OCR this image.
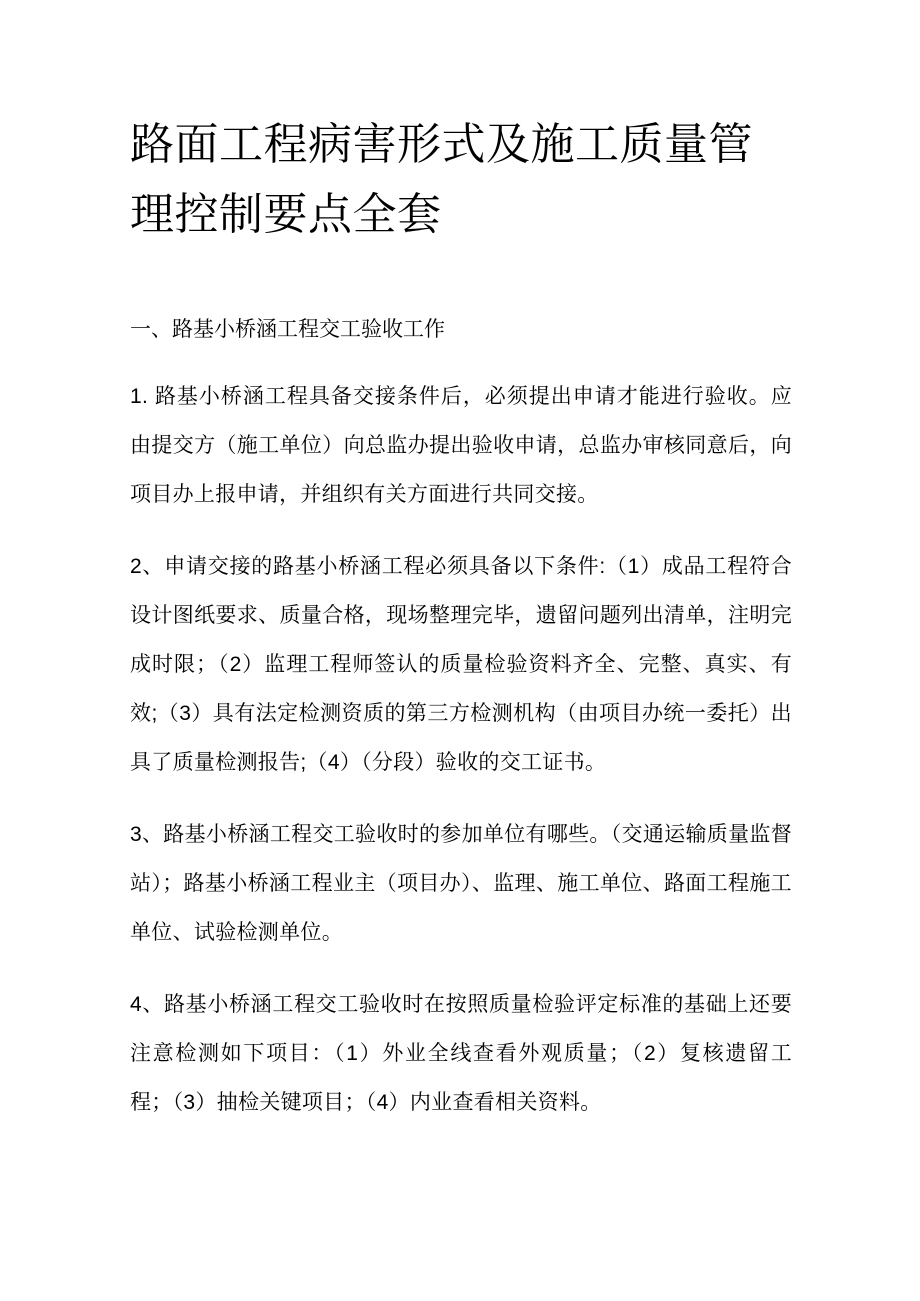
路面工程病害形式及施工质量管理控制要点全套
一、路基小桥涵工程交工验收工作

1. 路基小桥涵工程具备交接条件后，必须提出申请才能进行验收。应由提交方（施工单位）向总监办提出验收申请，总监办审核同意后，向项目办上报申请，并组织有关方面进行共同交接。

2、申请交接的路基小桥涵工程必须具备以下条件:（1）成品工程符合设计图纸要求、质量合格，现场整理完毕，遗留问题列出清单，注明完成时限；（2）监理工程师签认的质量检验资料齐全、完整、真实、有效;（3）具有法定检测资质的第三方检测机构（由项目办统一委托）出具了质量检测报告;（4）（分段）验收的交工证书。

3、路基小桥涵工程交工验收时的参加单位有哪些。（交通运输质量监督站）；路基小桥涵工程业主（项目办）、监理、施工单位、路面工程施工单位、试验检测单位。

4、路基小桥涵工程交工验收时在按照质量检验评定标准的基础上还要注意检测如下项目：（1）外业全线查看外观质量；（2）复核遗留工程；（3）抽检关键项目；（4）内业查看相关资料。
